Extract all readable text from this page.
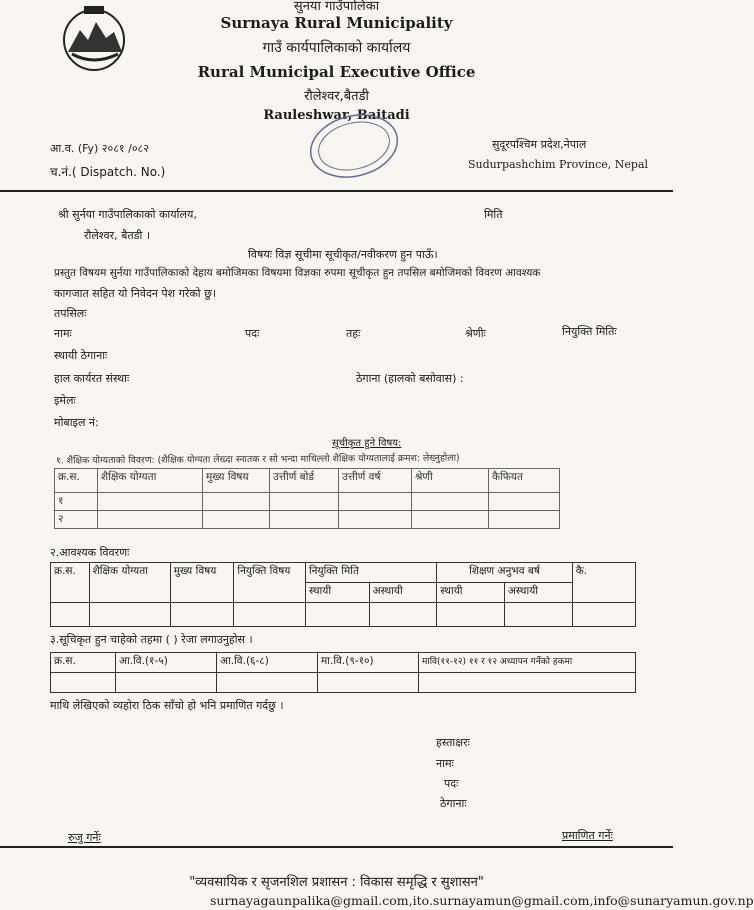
सुनया गाउँपालिका
Surnaya Rural Municipality
गाउँ कार्यपालिकाको कार्यालय
Rural Municipal Executive Office
रौलेश्वर,बैतडी
Rauleshwar, Baitadi
आ.व. (Fy) २०८१ /०८२
च.नं.( Dispatch. No.)
सुदूरपश्चिम प्रदेश,नेपाल
Sudurpashchim Province, Nepal
श्री सुर्नया गाउँपालिकाको कार्यालय,
रौलेश्वर, बैतडी ।
मिति
विषयः विज्ञ सूचीमा सूचीकृत/नवीकरण हुन पाऊँ।
प्रस्तुत विषयम सुर्नया गाउँपालिकाको देहाय बमोजिमका विषयमा विज्ञका रुपमा सूचीकृत हुन तपसिल बमोजिमको विवरण आवश्यक
कागजात सहित यो निवेदन पेश गरेको छु।
तपसिलः
नामः	पदः	तहः	श्रेणीः	नियुक्ति मितिः
स्थायी ठेगानाः
हाल कार्यरत संस्थाः	ठेगाना (हालको बसोवास) :
इमेलः
मोबाइल नं:
सूचीकृत हुने विषय:
१. शैक्षिक योग्यताको विवरण: (शैक्षिक योग्यता लेख्दा स्नातक र सो भन्दा माथिल्लो शैक्षिक योग्यतालाई क्रमश: लेख्नुहोला)
क्र.स.	शैक्षिक योग्यता	मुख्य विषय	उत्तीर्ण बोर्ड	उत्तीर्ण वर्ष	श्रेणी	कैफियत
१						
२						
२.आवश्यक विवरणः
क्र.स.	शैक्षिक योग्यता	मुख्य विषय	नियुक्ति विषय	नियुक्ति मिति		शिक्षण अनुभव बर्ष		कै.
				स्थायी	अस्थायी	स्थायी	अस्थायी	

३.सूचिकृत हुन चाहेको तहमा ( ) रेजा लगाउनुहोस ।
क्र.स.	आ.वि.(१-५)	आ.वि.(६-८)	मा.वि.(९-१०)	मावि(११-१२) ११ र १२ अध्यापन गर्नेको हकमा

माथि लेखिएको व्यहोरा ठिक साँचो हो भनि प्रमाणित गर्दछु ।
हस्ताक्षरः
नामः
पदः
ठेगानाः
रुजु गर्नेः	प्रमाणित गर्नेः
"व्यवसायिक र सृजनशिल प्रशासन : विकास समृद्धि र सुशासन"
surnayagaunpalika@gmail.com,ito.surnayamun@gmail.com,info@sunaryamun.gov.np
